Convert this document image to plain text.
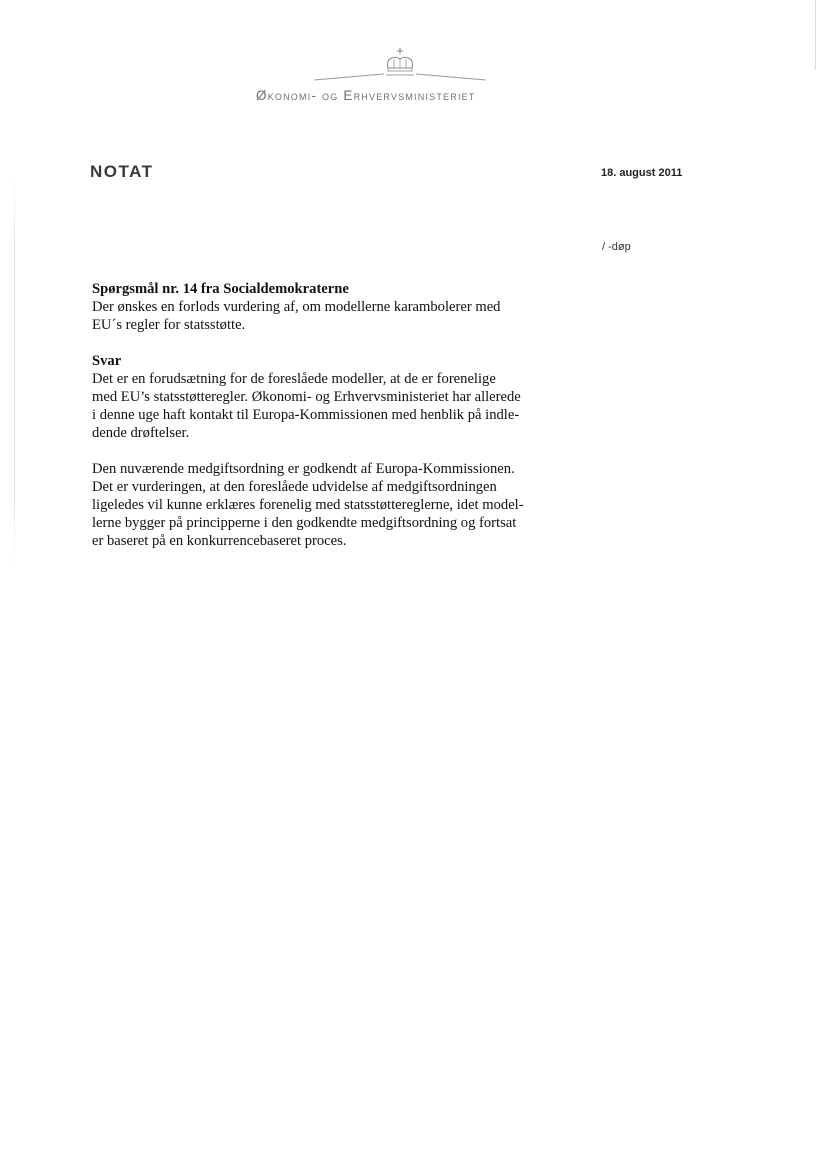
Økonomi- og Erhvervsministeriet
NOTAT	18. august 2011
/ -døp
Spørgsmål nr. 14 fra Socialdemokraterne

Der ønskes en forlods vurdering af, om modellerne karambolerer med

EU´s regler for statsstøtte.

Svar

Det er en forudsætning for de foreslåede modeller, at de er forenelige

med EU’s statsstøtteregler. Økonomi- og Erhvervsministeriet har allerede

i denne uge haft kontakt til Europa-Kommissionen med henblik på indle-

dende drøftelser.

Den nuværende medgiftsordning er godkendt af Europa-Kommissionen.

Det er vurderingen, at den foreslåede udvidelse af medgiftsordningen

ligeledes vil kunne erklæres forenelig med statsstøttereglerne, idet model-

lerne bygger på principperne i den godkendte medgiftsordning og fortsat

er baseret på en konkurrencebaseret proces.
